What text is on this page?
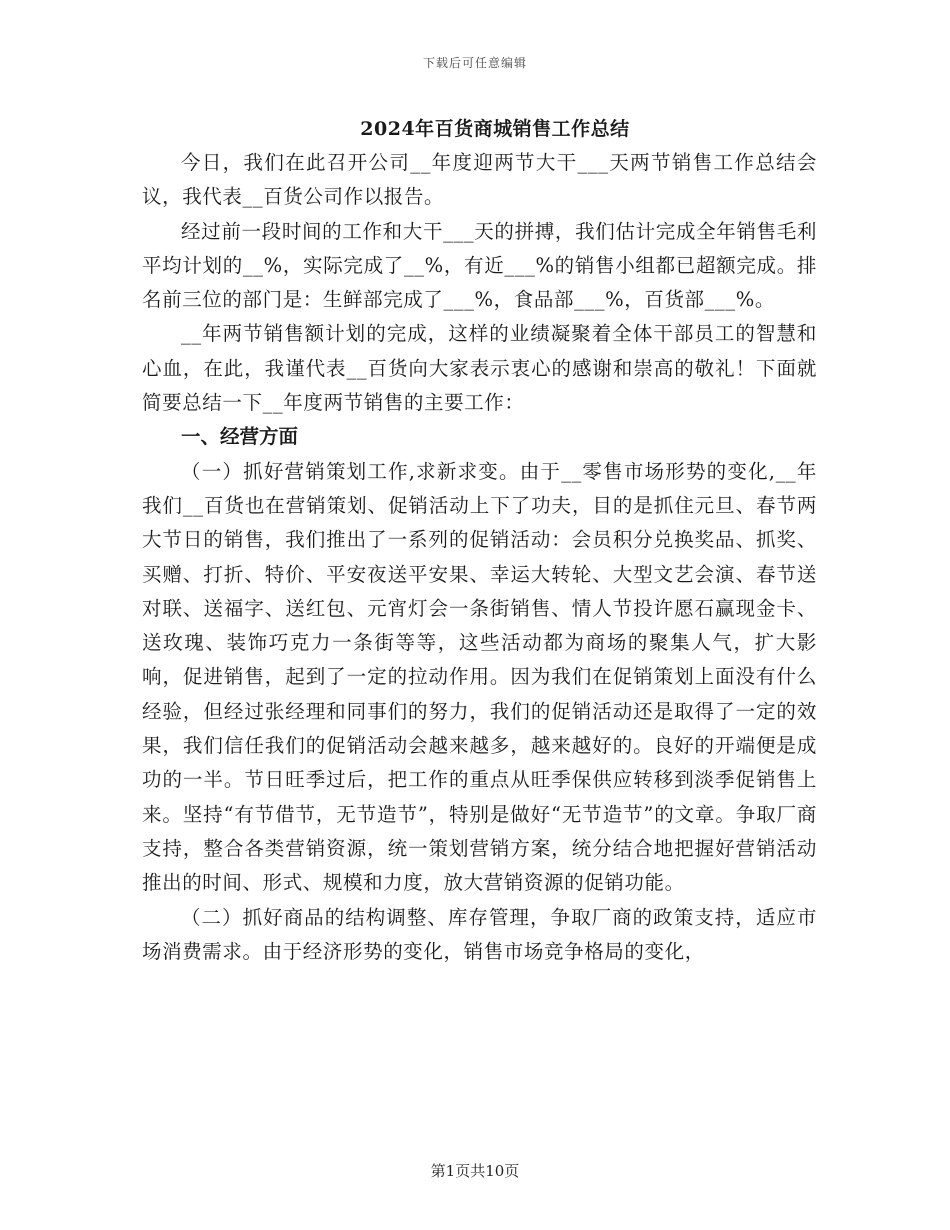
下载后可任意编辑
2024年百货商城销售工作总结

今日，我们在此召开公司__年度迎两节大干___天两节销售工作总结会议，我代表__百货公司作以报告。

经过前一段时间的工作和大干___天的拼搏，我们估计完成全年销售毛利平均计划的__%，实际完成了__%，有近___%的销售小组都已超额完成。排名前三位的部门是：生鲜部完成了___%，食品部___%，百货部___%。

__年两节销售额计划的完成，这样的业绩凝聚着全体干部员工的智慧和心血，在此，我谨代表__百货向大家表示衷心的感谢和崇高的敬礼！下面就简要总结一下__年度两节销售的主要工作：

一、经营方面

（一）抓好营销策划工作,求新求变。由于__零售市场形势的变化,__年我们__百货也在营销策划、促销活动上下了功夫，目的是抓住元旦、春节两大节日的销售，我们推出了一系列的促销活动：会员积分兑换奖品、抓奖、买赠、打折、特价、平安夜送平安果、幸运大转轮、大型文艺会演、春节送对联、送福字、送红包、元宵灯会一条街销售、情人节投许愿石赢现金卡、送玫瑰、装饰巧克力一条街等等，这些活动都为商场的聚集人气，扩大影响，促进销售，起到了一定的拉动作用。因为我们在促销策划上面没有什么经验，但经过张经理和同事们的努力，我们的促销活动还是取得了一定的效果，我们信任我们的促销活动会越来越多，越来越好的。良好的开端便是成功的一半。节日旺季过后，把工作的重点从旺季保供应转移到淡季促销售上来。坚持“有节借节，无节造节”，特别是做好“无节造节”的文章。争取厂商支持，整合各类营销资源，统一策划营销方案，统分结合地把握好营销活动推出的时间、形式、规模和力度，放大营销资源的促销功能。

（二）抓好商品的结构调整、库存管理，争取厂商的政策支持，适应市场消费需求。由于经济形势的变化，销售市场竞争格局的变化，

第1页共10页
